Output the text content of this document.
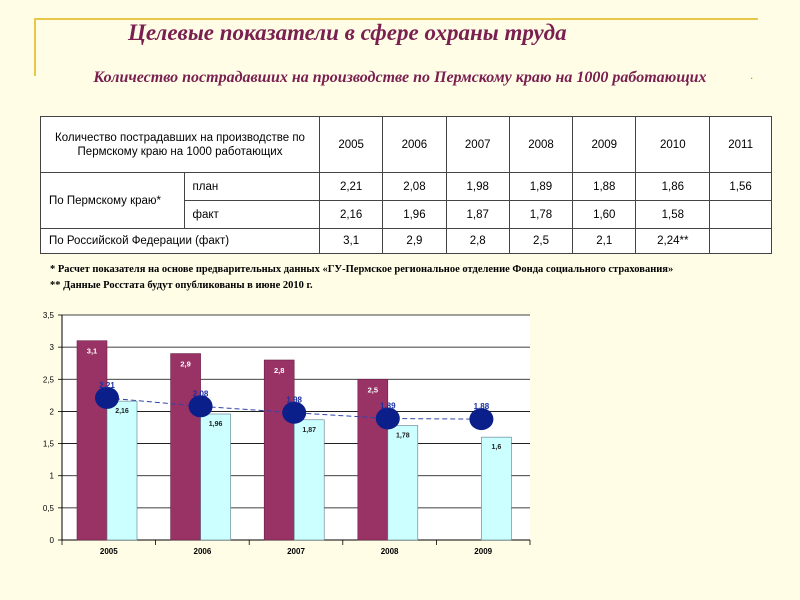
Целевые показатели в сфере охраны труда
Количество пострадавших на производстве по Пермскому краю на 1000 работающих	.
Количество пострадавших на производстве по Пермскому краю на 1000 работающих		2005	2006	2007	2008	2009	2010	2011
По Пермскому краю*	план	2,21	2,08	1,98	1,89	1,88	1,86	1,56
	факт	2,16	1,96	1,87	1,78	1,60	1,58	
По Российской Федерации (факт)		3,1	2,9	2,8	2,5	2,1	2,24**	
* Расчет показателя на основе предварительных данных «ГУ-Пермское региональное отделение Фонда социального страхования»
** Данные Росстата будут опубликованы в июне 2010 г.
0
0,5
1
1,5
2
2,5
3
3,5
3,1
2,16
2005
2,9
1,96
2006
2,8
1,87
2007
2,5
1,78
2008
1,6
2009
2,21
2,08
1,98
1,89	1,88
